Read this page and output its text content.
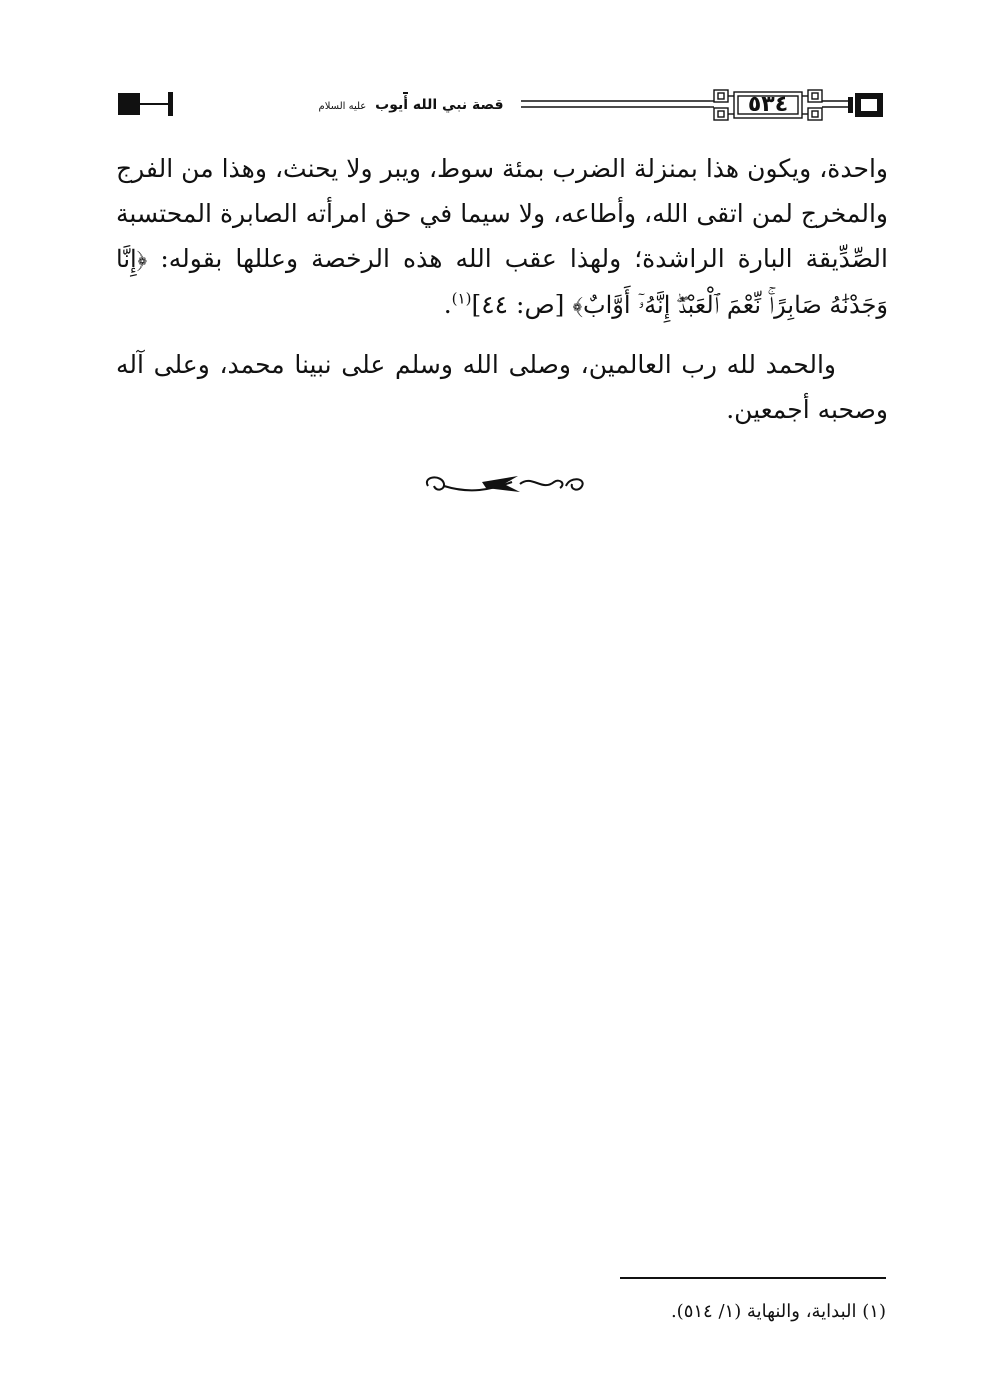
قصة نبي الله أيوب عليه السلام	٥٣٤

واحدة، ويكون هذا بمنزلة الضرب بمئة سوط، ويبر ولا يحنث، وهذا من الفرج والمخرج لمن اتقى الله، وأطاعه، ولا سيما في حق امرأته الصابرة المحتسبة الصِّدِّيقة البارة الراشدة؛ ولهذا عقب الله هذه الرخصة وعللها بقوله: ﴿إِنَّا وَجَدْنَٰهُ صَابِرًاۚ نِّعْمَ ٱلْعَبْدُۖ إِنَّهُۥٓ أَوَّابٌ﴾ [ص: ٤٤]$^{(١)}$.

والحمد لله رب العالمين، وصلى الله وسلم على نبينا محمد، وعلى آله وصحبه أجمعين.

(١) البداية، والنهاية (١/ ٥١٤).
